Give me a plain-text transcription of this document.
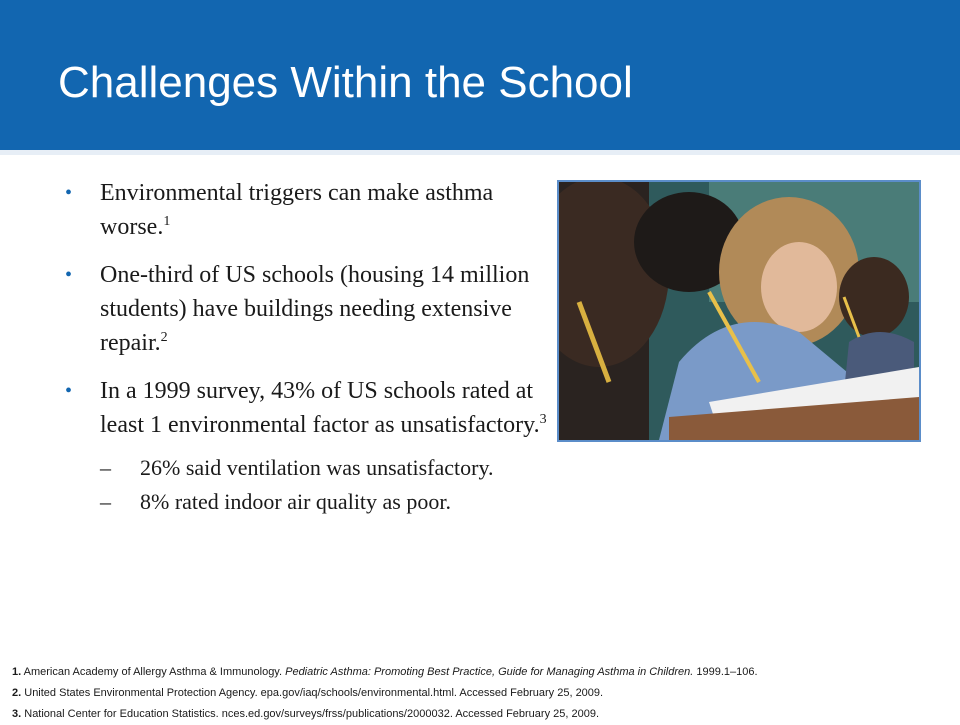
Challenges Within the School
• Environmental triggers can make asthma worse.$^1$
• One-third of US schools (housing 14 million students) have buildings needing extensive repair.$^2$
• In a 1999 survey, 43% of US schools rated at least 1 environmental factor as unsatisfactory.$^3$
– 26% said ventilation was unsatisfactory.
– 8% rated indoor air quality as poor.
1. American Academy of Allergy Asthma & Immunology. Pediatric Asthma: Promoting Best Practice, Guide for Managing Asthma in Children. 1999.1–106.
2. United States Environmental Protection Agency. epa.gov/iaq/schools/environmental.html. Accessed February 25, 2009.
3. National Center for Education Statistics. nces.ed.gov/surveys/frss/publications/2000032. Accessed February 25, 2009.
